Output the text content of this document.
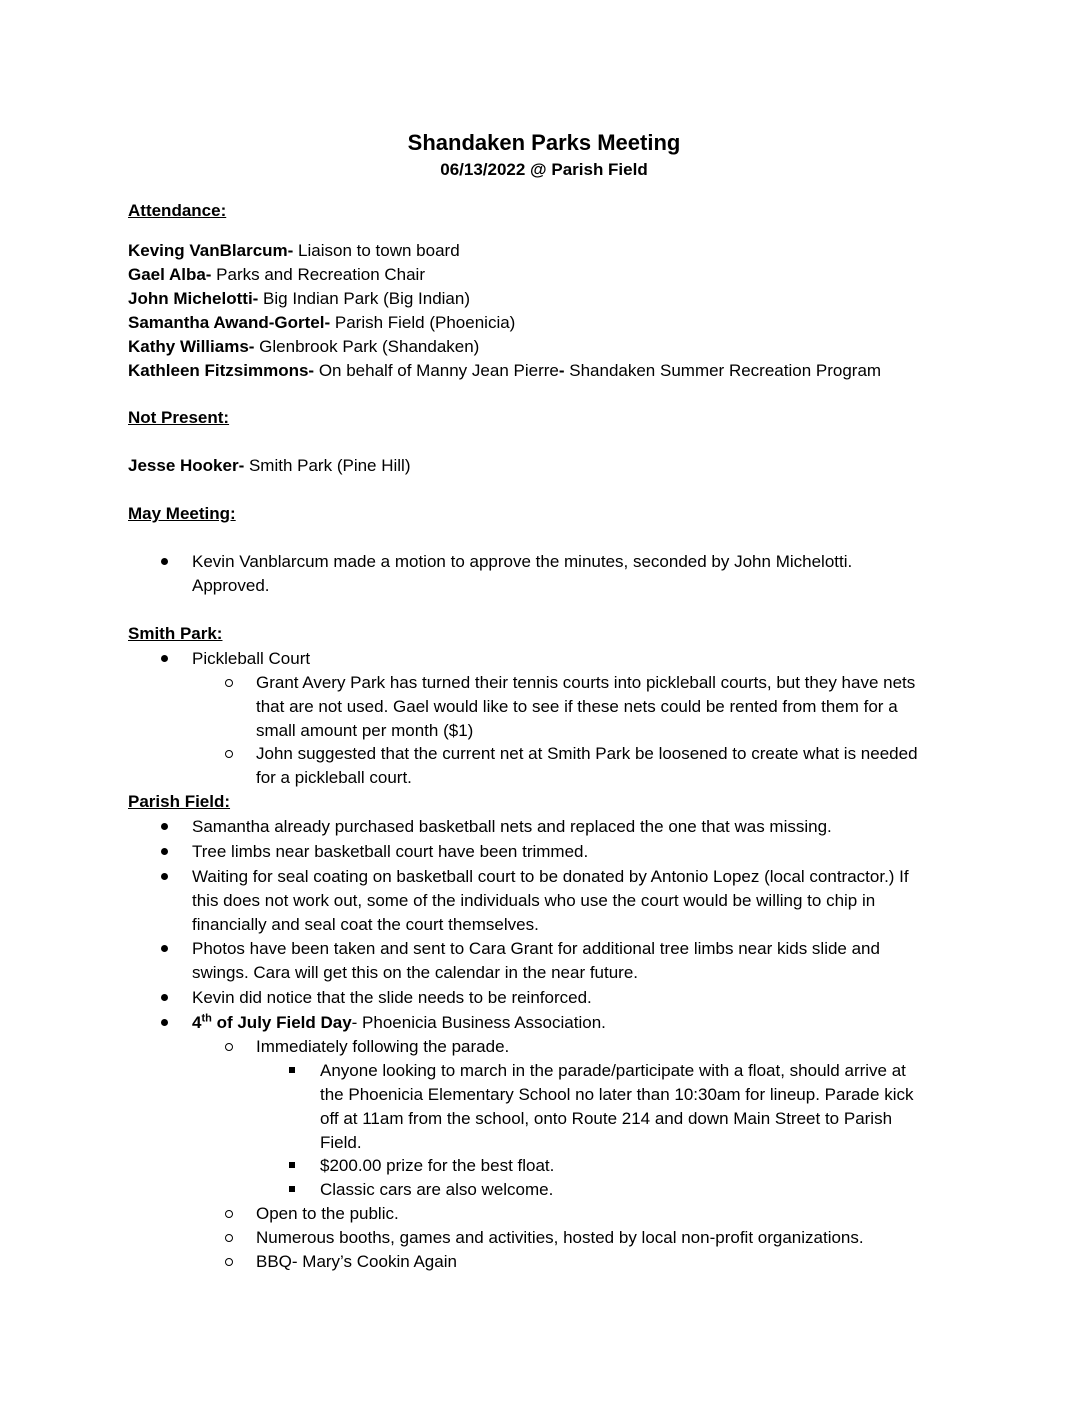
Shandaken Parks Meeting
06/13/2022 @ Parish Field
Attendance:
Keving VanBlarcum- Liaison to town board
Gael Alba- Parks and Recreation Chair
John Michelotti- Big Indian Park (Big Indian)
Samantha Awand-Gortel- Parish Field (Phoenicia)
Kathy Williams- Glenbrook Park (Shandaken)
Kathleen Fitzsimmons- On behalf of Manny Jean Pierre- Shandaken Summer Recreation Program
Not Present:
Jesse Hooker- Smith Park (Pine Hill)
May Meeting:
Kevin Vanblarcum made a motion to approve the minutes, seconded by John Michelotti.
Approved.
Smith Park:
Pickleball Court
Grant Avery Park has turned their tennis courts into pickleball courts, but they have nets
that are not used. Gael would like to see if these nets could be rented from them for a
small amount per month ($1)
John suggested that the current net at Smith Park be loosened to create what is needed
for a pickleball court.
Parish Field:
Samantha already purchased basketball nets and replaced the one that was missing.
Tree limbs near basketball court have been trimmed.
Waiting for seal coating on basketball court to be donated by Antonio Lopez (local contractor.) If
this does not work out, some of the individuals who use the court would be willing to chip in
financially and seal coat the court themselves.
Photos have been taken and sent to Cara Grant for additional tree limbs near kids slide and
swings. Cara will get this on the calendar in the near future.
Kevin did notice that the slide needs to be reinforced.
4th of July Field Day- Phoenicia Business Association.
Immediately following the parade.
Anyone looking to march in the parade/participate with a float, should arrive at
the Phoenicia Elementary School no later than 10:30am for lineup. Parade kick
off at 11am from the school, onto Route 214 and down Main Street to Parish
Field.
$200.00 prize for the best float.
Classic cars are also welcome.
Open to the public.
Numerous booths, games and activities, hosted by local non-profit organizations.
BBQ- Mary’s Cookin Again
